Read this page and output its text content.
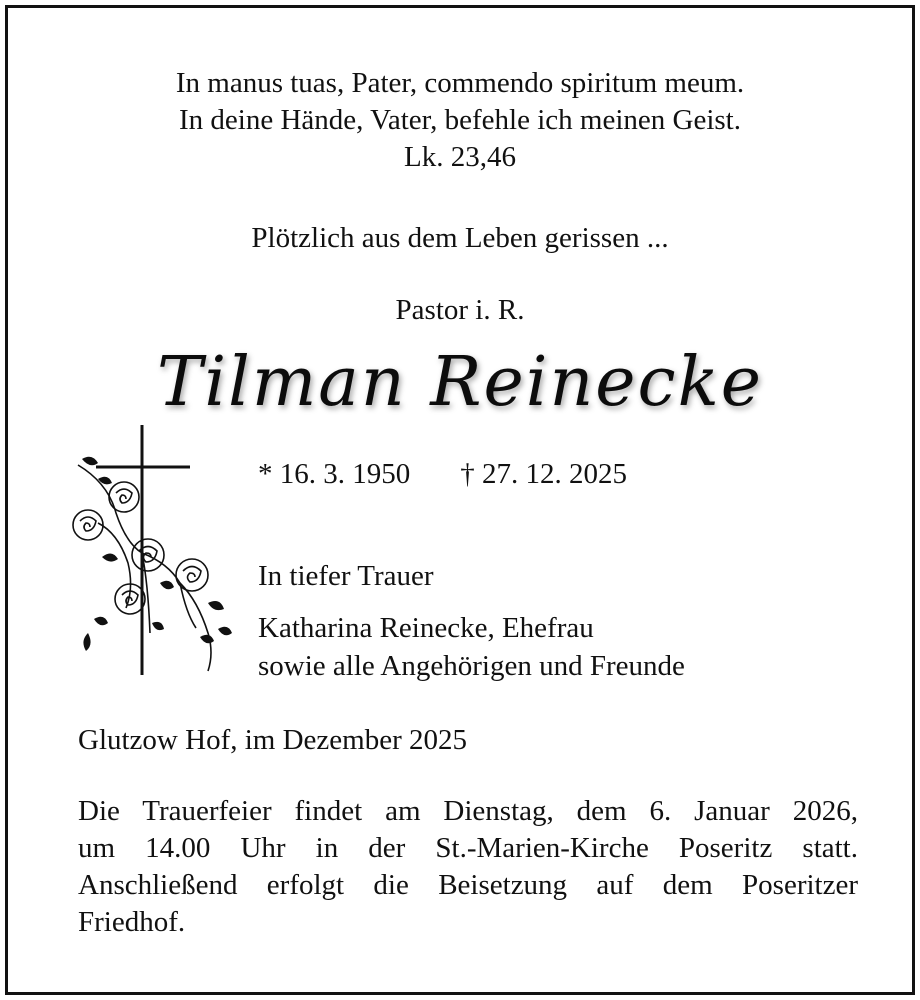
In manus tuas, Pater, commendo spiritum meum.
In deine Hände, Vater, befehle ich meinen Geist.
Lk. 23,46
Plötzlich aus dem Leben gerissen ...
Pastor i. R.
Tilman Reinecke
* 16. 3. 1950 † 27. 12. 2025
In tiefer Trauer
Katharina Reinecke, Ehefrau
sowie alle Angehörigen und Freunde
Glutzow Hof, im Dezember 2025
Die Trauerfeier findet am Dienstag, dem 6. Januar 2026,
um 14.00 Uhr in der St.-Marien-Kirche Poseritz statt.
Anschließend erfolgt die Beisetzung auf dem Poseritzer
Friedhof.
